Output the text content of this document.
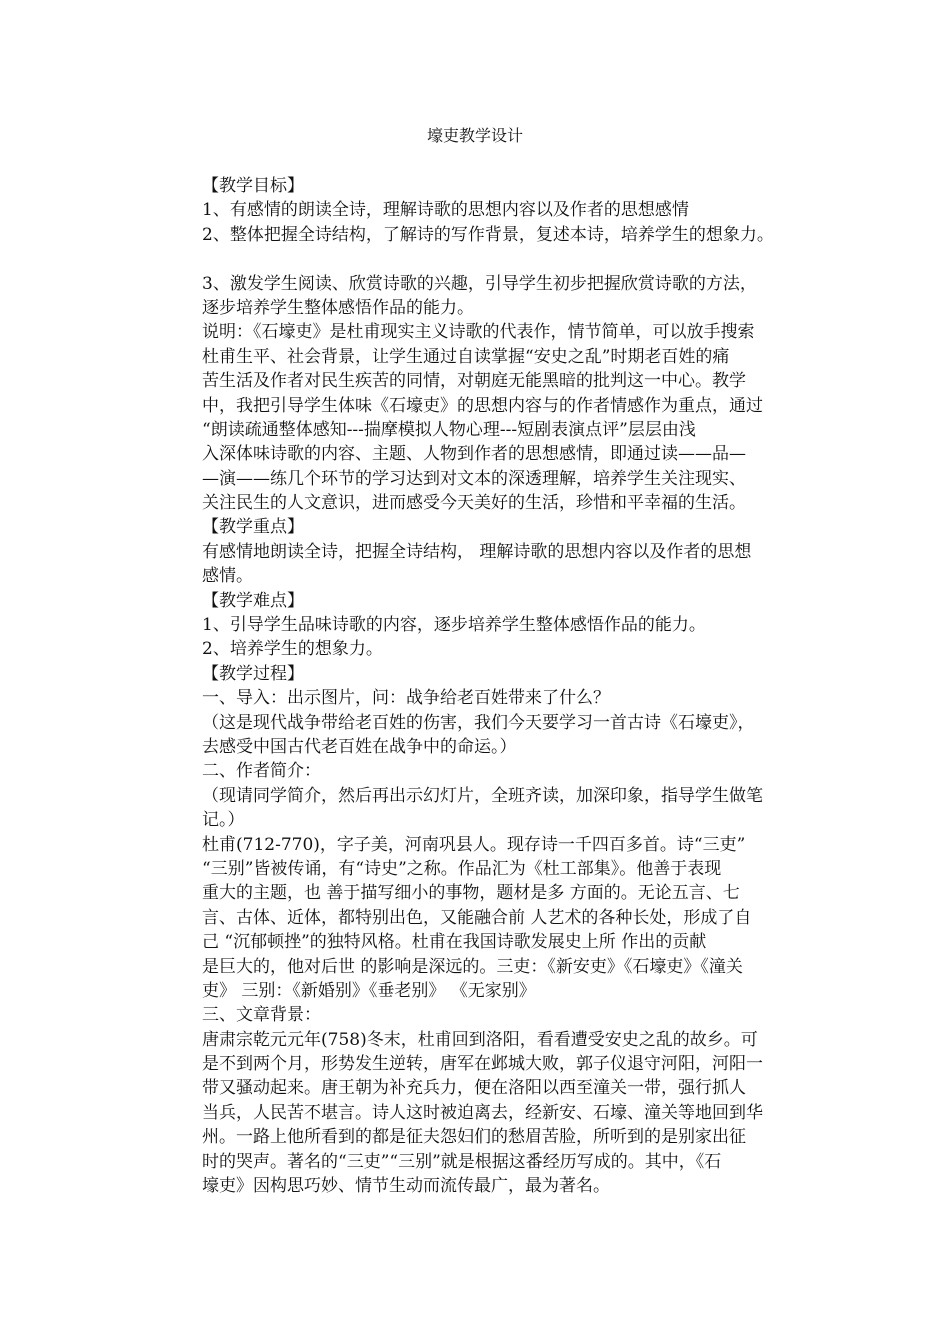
壕吏教学设计
【教学目标】
1、有感情的朗读全诗，理解诗歌的思想内容以及作者的思想感情
2、整体把握全诗结构，了解诗的写作背景，复述本诗，培养学生的想象力。
3、激发学生阅读、欣赏诗歌的兴趣，引导学生初步把握欣赏诗歌的方法，
逐步培养学生整体感悟作品的能力。
说明：《石壕吏》是杜甫现实主义诗歌的代表作，情节简单，可以放手搜索
杜甫生平、社会背景，让学生通过自读掌握“安史之乱”时期老百姓的痛
苦生活及作者对民生疾苦的同情，对朝庭无能黑暗的批判这一中心。教学
中，我把引导学生体味《石壕吏》的思想内容与的作者情感作为重点，通过
“朗读疏通整体感知---揣摩模拟人物心理---短剧表演点评”层层由浅
入深体味诗歌的内容、主题、人物到作者的思想感情，即通过读——品—
—演——练几个环节的学习达到对文本的深透理解，培养学生关注现实、
关注民生的人文意识，进而感受今天美好的生活，珍惜和平幸福的生活。
【教学重点】
有感情地朗读全诗，把握全诗结构， 理解诗歌的思想内容以及作者的思想
感情。
【教学难点】
1、引导学生品味诗歌的内容，逐步培养学生整体感悟作品的能力。
2、培养学生的想象力。
【教学过程】
一、导入：出示图片，问：战争给老百姓带来了什么？
（这是现代战争带给老百姓的伤害，我们今天要学习一首古诗《石壕吏》，
去感受中国古代老百姓在战争中的命运。）
二、作者简介：
（现请同学简介，然后再出示幻灯片，全班齐读，加深印象，指导学生做笔
记。）
杜甫(712-770)，字子美，河南巩县人。现存诗一千四百多首。诗“三吏”
“三别”皆被传诵，有“诗史”之称。作品汇为《杜工部集》。他善于表现
重大的主题，也 善于描写细小的事物，题材是多 方面的。无论五言、七
言、古体、近体，都特别出色，又能融合前 人艺术的各种长处，形成了自
己 “沉郁顿挫”的独特风格。杜甫在我国诗歌发展史上所 作出的贡献
是巨大的，他对后世 的影响是深远的。三吏：《新安吏》《石壕吏》《潼关
吏》 三别：《新婚别》《垂老别》 《无家别》
三、文章背景：
唐肃宗乾元元年(758)冬末，杜甫回到洛阳，看看遭受安史之乱的故乡。可
是不到两个月，形势发生逆转，唐军在邺城大败，郭子仪退守河阳，河阳一
带又骚动起来。唐王朝为补充兵力，便在洛阳以西至潼关一带，强行抓人
当兵，人民苦不堪言。诗人这时被迫离去，经新安、石壕、潼关等地回到华
州。一路上他所看到的都是征夫怨妇们的愁眉苦脸，所听到的是别家出征
时的哭声。著名的“三吏”“三别”就是根据这番经历写成的。其中，《石
壕吏》因构思巧妙、情节生动而流传最广，最为著名。
